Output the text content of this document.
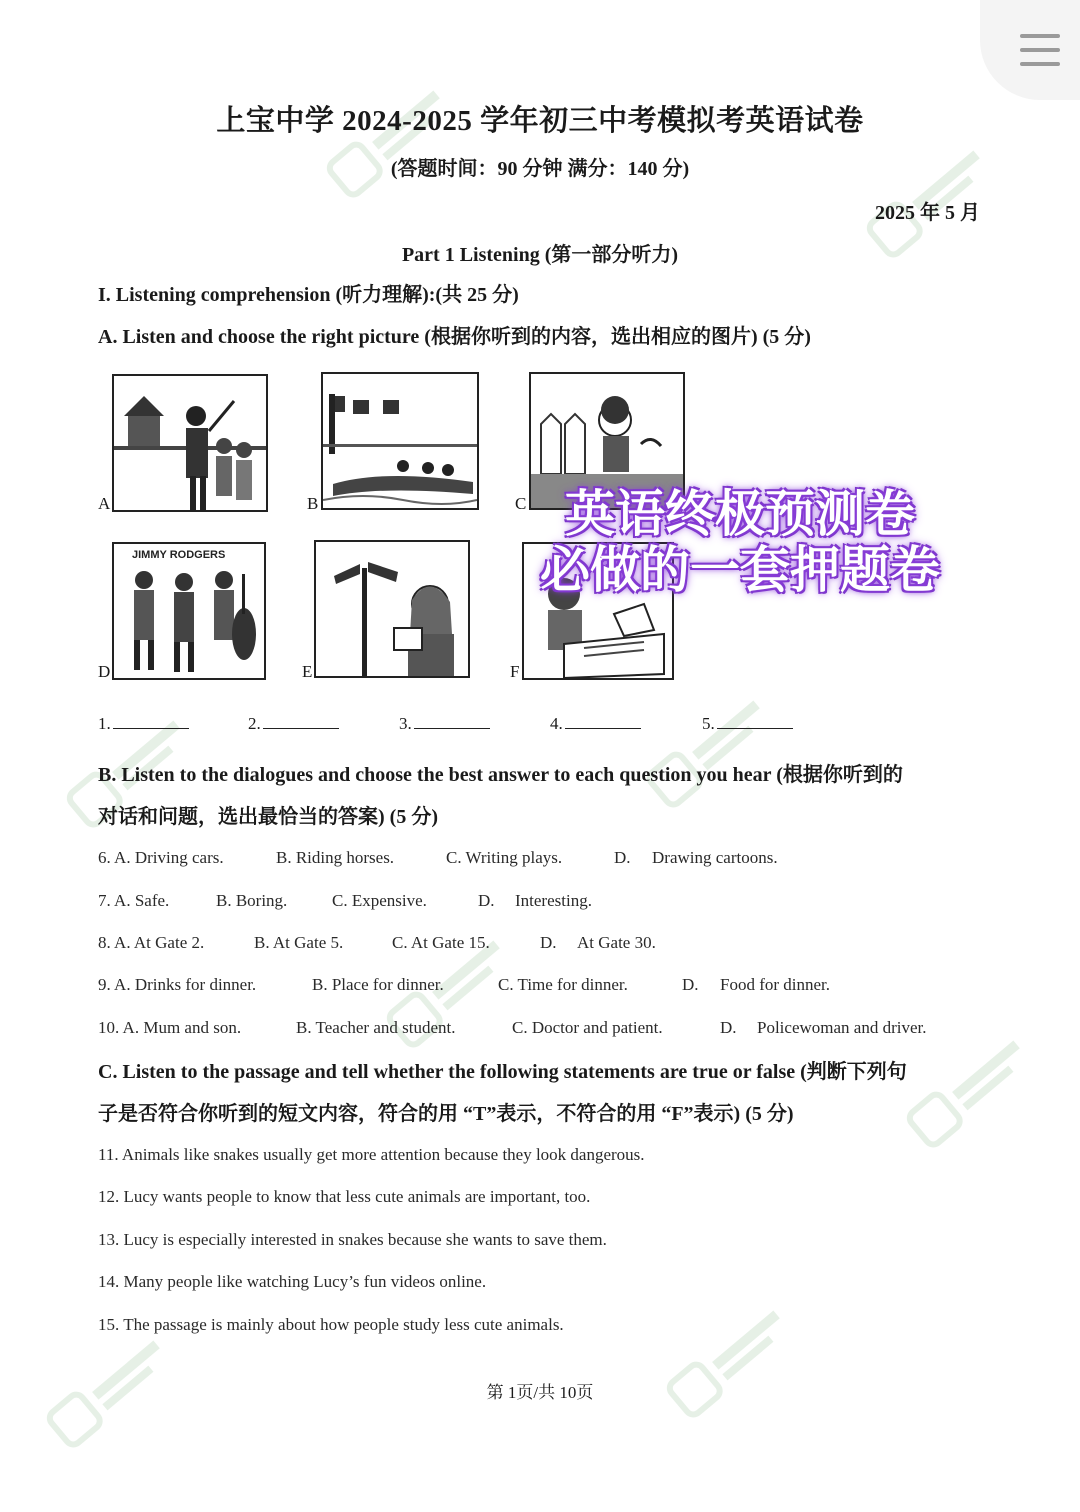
上宝中学 2024-2025 学年初三中考模拟考英语试卷
(答题时间：90 分钟 满分：140 分)
2025 年 5 月
Part 1 Listening (第一部分听力)
I. Listening comprehension (听力理解):(共 25 分)
A. Listen and choose the right picture (根据你听到的内容，选出相应的图片) (5 分)
A	B	C
D
JIMMY RODGERS
E	F
英语终极预测卷
必做的一套押题卷
1.	2.	3.	4.	5.
B. Listen to the dialogues and choose the best answer to each question you hear (根据你听到的
对话和问题，选出最恰当的答案) (5 分)
6. A. Driving cars.	B. Riding horses.	C. Writing plays.	D. Drawing cartoons.
7. A. Safe.	B. Boring.	C. Expensive.	D. Interesting.
8. A. At Gate 2.	B. At Gate 5.	C. At Gate 15.	D. At Gate 30.
9. A. Drinks for dinner.	B. Place for dinner.	C. Time for dinner.	D. Food for dinner.
10. A. Mum and son.	B. Teacher and student.	C. Doctor and patient.	D. Policewoman and driver.
C. Listen to the passage and tell whether the following statements are true or false (判断下列句
子是否符合你听到的短文内容，符合的用 “T”表示，不符合的用 “F”表示) (5 分)
11. Animals like snakes usually get more attention because they look dangerous.
12. Lucy wants people to know that less cute animals are important, too.
13. Lucy is especially interested in snakes because she wants to save them.
14. Many people like watching Lucy’s fun videos online.
15. The passage is mainly about how people study less cute animals.
第 1页/共 10页
